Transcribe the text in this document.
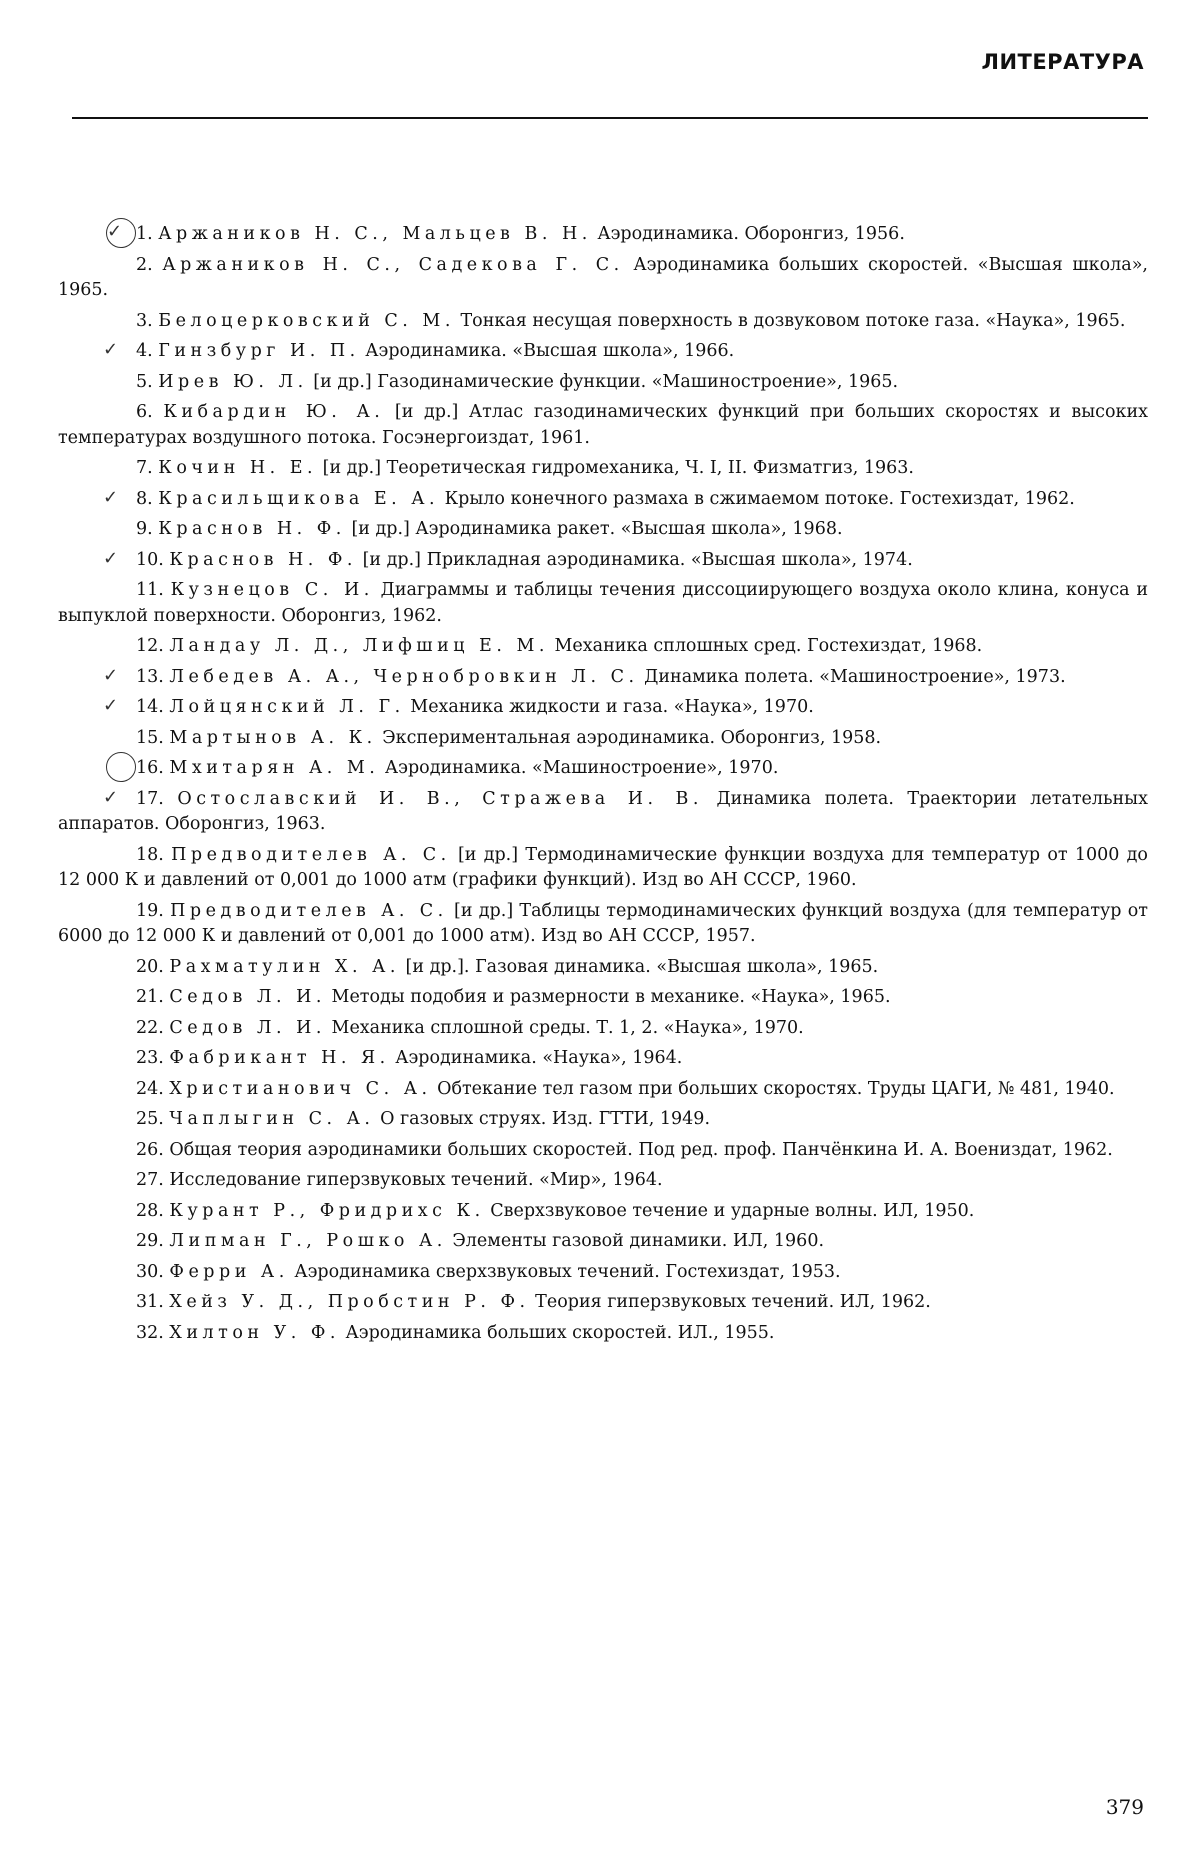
ЛИТЕРАТУРА

✓ 1. Аржаников Н. С., Мальцев В. Н. Аэродинамика. Оборонгиз, 1956.

2. Аржаников Н. С., Садекова Г. С. Аэродинамика больших скоростей. «Высшая школа», 1965.

3. Белоцерковский С. М. Тонкая несущая поверхность в дозвуковом потоке газа. «Наука», 1965.

✓ 4. Гинзбург И. П. Аэродинамика. «Высшая школа», 1966.

5. Ирев Ю. Л. [и др.] Газодинамические функции. «Машиностроение», 1965.

6. Кибардин Ю. А. [и др.] Атлас газодинамических функций при больших скоростях и высоких температурах воздушного потока. Госэнергоиздат, 1961.

7. Кочин Н. Е. [и др.] Теоретическая гидромеханика, Ч. I, II. Физматгиз, 1963.

✓ 8. Красильщикова Е. А. Крыло конечного размаха в сжимаемом потоке. Гостехиздат, 1962.

9. Краснов Н. Ф. [и др.] Аэродинамика ракет. «Высшая школа», 1968.

✓ 10. Краснов Н. Ф. [и др.] Прикладная аэродинамика. «Высшая школа», 1974.

11. Кузнецов С. И. Диаграммы и таблицы течения диссоциирующего воздуха около клина, конуса и выпуклой поверхности. Оборонгиз, 1962.

12. Ландау Л. Д., Лифшиц Е. М. Механика сплошных сред. Гостехиздат, 1968.

✓ 13. Лебедев А. А., Чернобровкин Л. С. Динамика полета. «Машиностроение», 1973.

✓ 14. Лойцянский Л. Г. Механика жидкости и газа. «Наука», 1970.

15. Мартынов А. К. Экспериментальная аэродинамика. Оборонгиз, 1958.

16. Мхитарян А. М. Аэродинамика. «Машиностроение», 1970.

✓ 17. Остославский И. В., Стражева И. В. Динамика полета. Траектории летательных аппаратов. Оборонгиз, 1963.

18. Предводителев А. С. [и др.] Термодинамические функции воздуха для температур от 1000 до 12 000 К и давлений от 0,001 до 1000 атм (графики функций). Изд во АН СССР, 1960.

19. Предводителев А. С. [и др.] Таблицы термодинамических функций воздуха (для температур от 6000 до 12 000 К и давлений от 0,001 до 1000 атм). Изд во АН СССР, 1957.

20. Рахматулин Х. А. [и др.]. Газовая динамика. «Высшая школа», 1965.

21. Седов Л. И. Методы подобия и размерности в механике. «Наука», 1965.

22. Седов Л. И. Механика сплошной среды. Т. 1, 2. «Наука», 1970.

23. Фабрикант Н. Я. Аэродинамика. «Наука», 1964.

24. Христианович С. А. Обтекание тел газом при больших скоростях. Труды ЦАГИ, № 481, 1940.

25. Чаплыгин С. А. О газовых струях. Изд. ГТТИ, 1949.

26. Общая теория аэродинамики больших скоростей. Под ред. проф. Панчёнкина И. А. Воениздат, 1962.

27. Исследование гиперзвуковых течений. «Мир», 1964.

28. Курант Р., Фридрихс К. Сверхзвуковое течение и ударные волны. ИЛ, 1950.

29. Липман Г., Рошко А. Элементы газовой динамики. ИЛ, 1960.

30. Ферри А. Аэродинамика сверхзвуковых течений. Гостехиздат, 1953.

31. Хейз У. Д., Пробстин Р. Ф. Теория гиперзвуковых течений. ИЛ, 1962.

32. Хилтон У. Ф. Аэродинамика больших скоростей. ИЛ., 1955.

379
